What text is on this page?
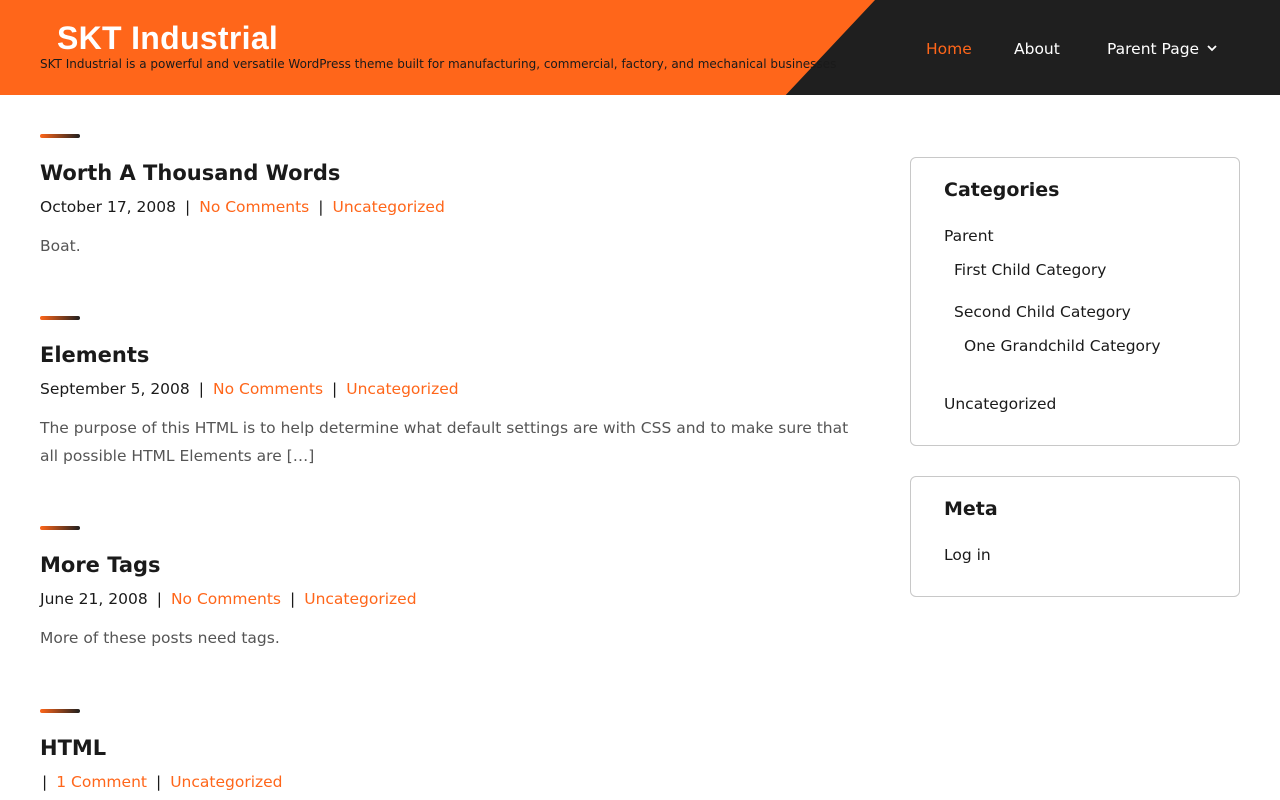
SKT Industrial
SKT Industrial is a powerful and versatile WordPress theme built for manufacturing, commercial, factory, and mechanical businesses
Home	About	Parent Page
Worth A Thousand Words
October 17, 2008 | No Comments | Uncategorized
Boat.
Elements
September 5, 2008 | No Comments | Uncategorized
The purpose of this HTML is to help determine what default settings are with CSS and to make sure that all possible HTML Elements are […]
More Tags
June 21, 2008 | No Comments | Uncategorized
More of these posts need tags.
HTML
| 1 Comment | Uncategorized
Categories
Parent
First Child Category
Second Child Category
One Grandchild Category
Uncategorized
Meta
Log in
